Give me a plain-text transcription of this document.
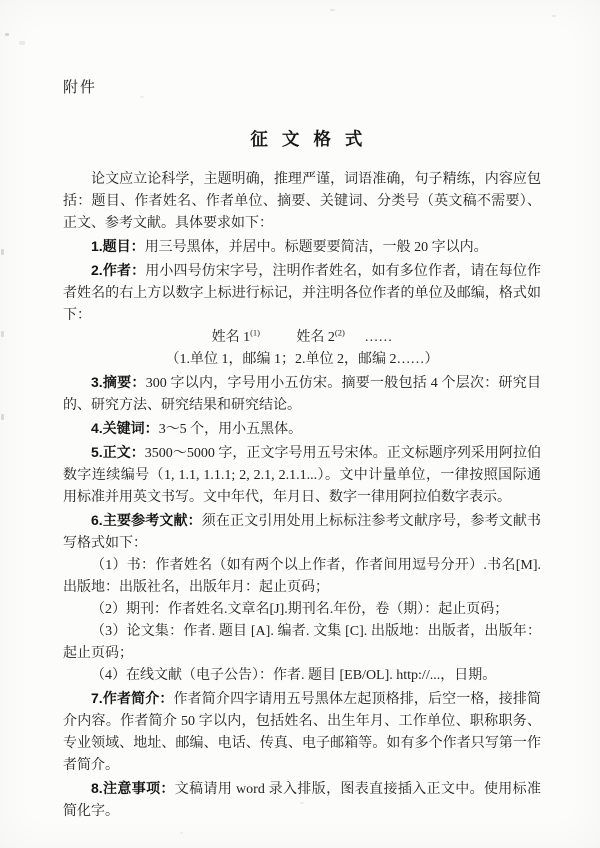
附件
征文格式

论文应立论科学，主题明确，推理严谨，词语准确，句子精练，内容应包括：题目、作者姓名、作者单位、摘要、关键词、分类号（英文稿不需要）、正文、参考文献。具体要求如下：

1.题目：用三号黑体，并居中。标题要要简洁，一般 20 字以内。

2.作者：用小四号仿宋字号，注明作者姓名，如有多位作者，请在每位作者姓名的右上方以数字上标进行标记，并注明各位作者的单位及邮编，格式如下：

姓名 1$^{(1)}$	姓名 2$^{(2)}$ ……

（1.单位 1，邮编 1；2.单位 2，邮编 2……）

3.摘要：300 字以内，字号用小五仿宋。摘要一般包括 4 个层次：研究目的、研究方法、研究结果和研究结论。

4.关键词：3～5 个，用小五黑体。

5.正文：3500～5000 字，正文字号用五号宋体。正文标题序列采用阿拉伯数字连续编号（1, 1.1, 1.1.1; 2, 2.1, 2.1.1...）。文中计量单位，一律按照国际通用标准并用英文书写。文中年代，年月日、数字一律用阿拉伯数字表示。

6.主要参考文献：须在正文引用处用上标标注参考文献序号，参考文献书写格式如下：

（1）书：作者姓名（如有两个以上作者，作者间用逗号分开）.书名[M]. 出版地：出版社名，出版年月：起止页码；

（2）期刊：作者姓名.文章名[J].期刊名.年份，卷（期）：起止页码；

（3）论文集：作者. 题目 [A]. 编者. 文集 [C]. 出版地：出版者，出版年：起止页码；

（4）在线文献（电子公告）：作者. 题目 [EB/OL]. http://...，日期。

7.作者简介：作者简介四字请用五号黑体左起顶格排，后空一格，接排简介内容。作者简介 50 字以内，包括姓名、出生年月、工作单位、职称职务、专业领域、地址、邮编、电话、传真、电子邮箱等。如有多个作者只写第一作者简介。

8.注意事项：文稿请用 word 录入排版，图表直接插入正文中。使用标准简化字。
